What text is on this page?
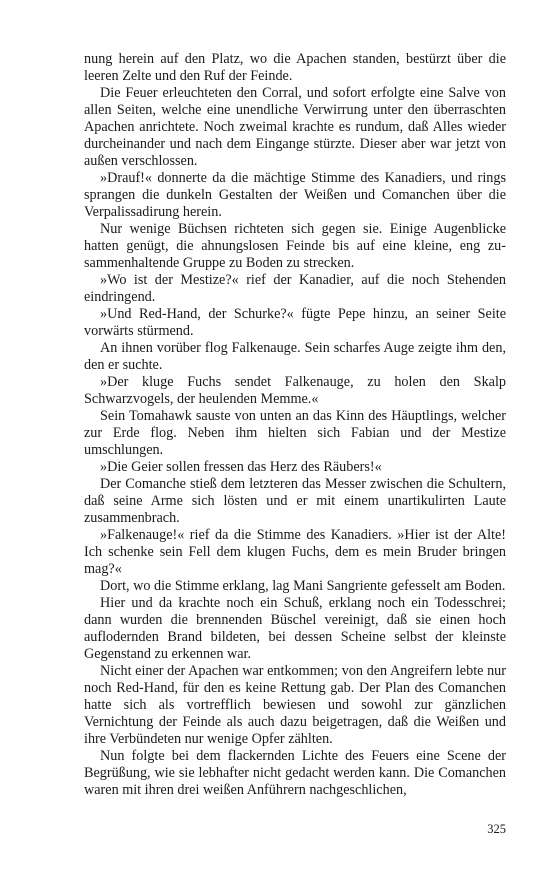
nung herein auf den Platz, wo die Apachen standen, bestürzt über die leeren Zelte und den Ruf der Feinde.

Die Feuer erleuchteten den Corral, und sofort erfolgte eine Salve von allen Seiten, welche eine unendliche Verwirrung unter den überraschten Apachen anrichtete. Noch zweimal krachte es rundum, daß Alles wieder durcheinander und nach dem Eingange stürzte. Dieser aber war jetzt von außen verschlossen.

»Drauf!« donnerte da die mächtige Stimme des Kanadiers, und rings sprangen die dunkeln Gestalten der Weißen und Comanchen über die Verpalissadirung herein.

Nur wenige Büchsen richteten sich gegen sie. Einige Augenblicke hatten genügt, die ahnungslosen Feinde bis auf eine kleine, eng zusammenhaltende Gruppe zu Boden zu strecken.

»Wo ist der Mestize?« rief der Kanadier, auf die noch Stehenden eindringend.

»Und Red-Hand, der Schurke?« fügte Pepe hinzu, an seiner Seite vorwärts stürmend.

An ihnen vorüber flog Falkenauge. Sein scharfes Auge zeigte ihm den, den er suchte.

»Der kluge Fuchs sendet Falkenauge, zu holen den Skalp Schwarzvogels, der heulenden Memme.«

Sein Tomahawk sauste von unten an das Kinn des Häuptlings, welcher zur Erde flog. Neben ihm hielten sich Fabian und der Mestize umschlungen.

»Die Geier sollen fressen das Herz des Räubers!«

Der Comanche stieß dem letzteren das Messer zwischen die Schultern, daß seine Arme sich lösten und er mit einem unartikulirten Laute zusammenbrach.

»Falkenauge!« rief da die Stimme des Kanadiers. »Hier ist der Alte! Ich schenke sein Fell dem klugen Fuchs, dem es mein Bruder bringen mag?«

Dort, wo die Stimme erklang, lag Mani Sangriente gefesselt am Boden.

Hier und da krachte noch ein Schuß, erklang noch ein Todesschrei; dann wurden die brennenden Büschel vereinigt, daß sie einen hoch auflodernden Brand bildeten, bei dessen Scheine selbst der kleinste Gegenstand zu erkennen war.

Nicht einer der Apachen war entkommen; von den Angreifern lebte nur noch Red-Hand, für den es keine Rettung gab. Der Plan des Comanchen hatte sich als vortrefflich bewiesen und sowohl zur gänzlichen Vernichtung der Feinde als auch dazu beigetragen, daß die Weißen und ihre Verbündeten nur wenige Opfer zählten.

Nun folgte bei dem flackernden Lichte des Feuers eine Scene der Begrüßung, wie sie lebhafter nicht gedacht werden kann. Die Comanchen waren mit ihren drei weißen Anführern nachgeschlichen,

325
